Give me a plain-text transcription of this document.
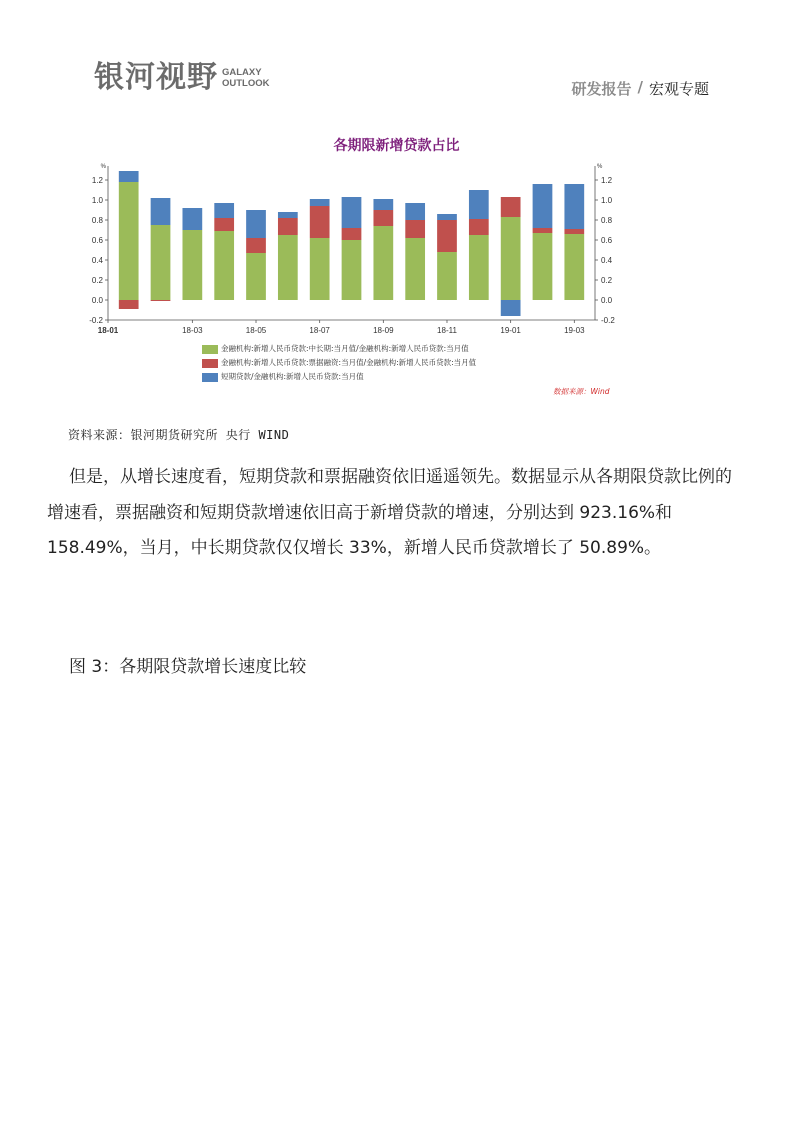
银河视野 GALAXY
OUTLOOK	研发报告 / 宏观专题
各期限新增贷款占比
%	%
1.2	1.2
1.0	1.0
0.8	0.8
0.6	0.6
0.4	0.4
0.2	0.2
0.0	0.0
-0.2	-0.2
18-01	18-03	18-05	18-07	18-09	18-11	19-01	19-03
金融机构:新增人民币贷款:中长期:当月值/金融机构:新增人民币贷款:当月值
金融机构:新增人民币贷款:票据融资:当月值/金融机构:新增人民币贷款:当月值
短期贷款/金融机构:新增人民币贷款:当月值
数据来源：Wind
资料来源：银河期货研究所 央行 WIND
但是，从增长速度看，短期贷款和票据融资依旧遥遥领先。数据显示从各期限贷款比例的增速看，票据融资和短期贷款增速依旧高于新增贷款的增速，分别达到 923.16%和 158.49%，当月，中长期贷款仅仅增长 33%，新增人民币贷款增长了 50.89%。
图 3：各期限贷款增长速度比较
